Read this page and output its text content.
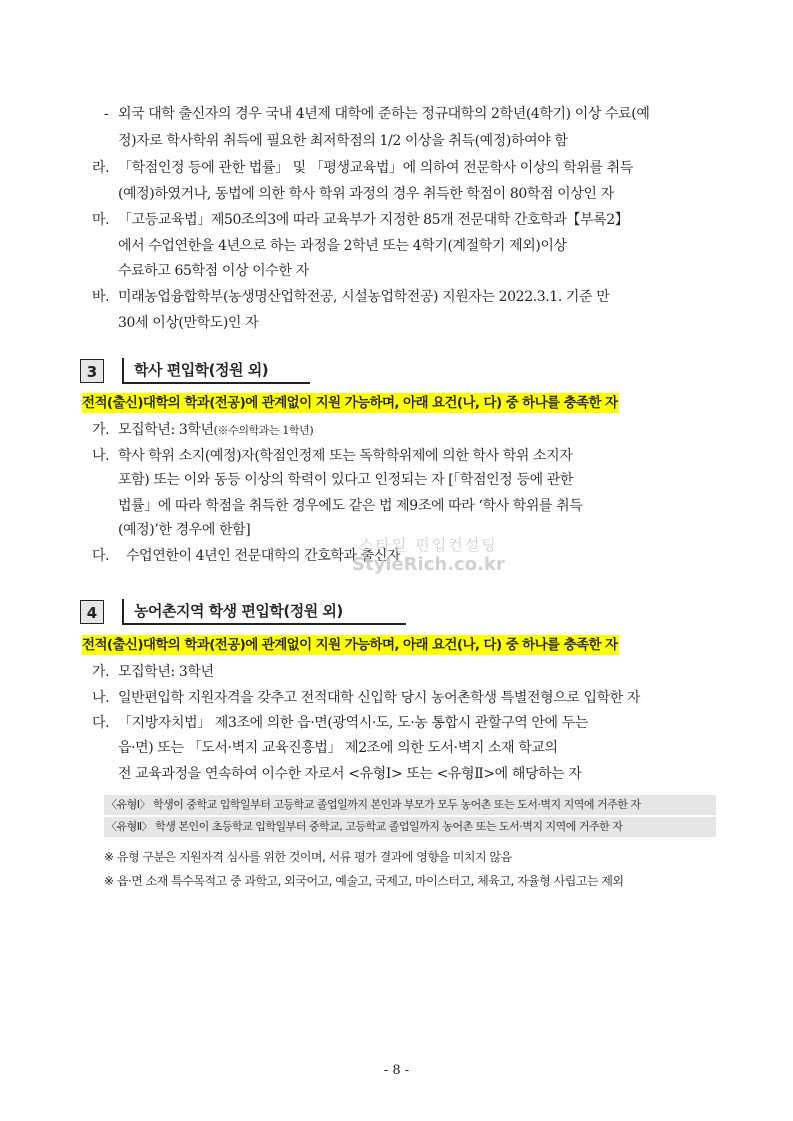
- 외국 대학 출신자의 경우 국내 4년제 대학에 준하는 정규대학의 2학년(4학기) 이상 수료(예
정)자로 학사학위 취득에 필요한 최저학점의 1/2 이상을 취득(예정)하여야 함
라. 「학점인정 등에 관한 법률」 및 「평생교육법」에 의하여 전문학사 이상의 학위를 취득
(예정)하였거나, 동법에 의한 학사 학위 과정의 경우 취득한 학점이 80학점 이상인 자
마. 「고등교육법」제50조의3에 따라 교육부가 지정한 85개 전문대학 간호학과【부록2】
에서 수업연한을 4년으로 하는 과정을 2학년 또는 4학기(계절학기 제외)이상
수료하고 65학점 이상 이수한 자
바. 미래농업융합학부(농생명산업학전공, 시설농업학전공) 지원자는 2022.3.1. 기준 만
30세 이상(만학도)인 자
3	학사 편입학(정원 외)
전적(출신)대학의 학과(전공)에 관계없이 지원 가능하며, 아래 요건(나, 다) 중 하나를 충족한 자
가. 모집학년: 3학년(※수의학과는 1학년)
나. 학사 학위 소지(예정)자(학점인정제 또는 독학학위제에 의한 학사 학위 소지자
포함) 또는 이와 동등 이상의 학력이 있다고 인정되는 자 [「학점인정 등에 관한
법률」에 따라 학점을 취득한 경우에도 같은 법 제9조에 따라 ‘학사 학위를 취득
(예정)’한 경우에 한함]
다. 수업연한이 4년인 전문대학의 간호학과 출신자
스타일 편입컨설팅
StyleRich.co.kr
4	농어촌지역 학생 편입학(정원 외)
전적(출신)대학의 학과(전공)에 관계없이 지원 가능하며, 아래 요건(나, 다) 중 하나를 충족한 자
가. 모집학년: 3학년
나. 일반편입학 지원자격을 갖추고 전적대학 신입학 당시 농어촌학생 특별전형으로 입학한 자
다. 「지방자치법」 제3조에 의한 읍·면(광역시·도, 도·농 통합시 관할구역 안에 두는
읍·면) 또는 「도서·벽지 교육진흥법」 제2조에 의한 도서·벽지 소재 학교의
전 교육과정을 연속하여 이수한 자로서 <유형Ⅰ> 또는 <유형Ⅱ>에 해당하는 자
〈유형Ⅰ〉 학생이 중학교 입학일부터 고등학교 졸업일까지 본인과 부모가 모두 농어촌 또는 도서·벽지 지역에 거주한 자
〈유형Ⅱ〉 학생 본인이 초등학교 입학일부터 중학교, 고등학교 졸업일까지 농어촌 또는 도서·벽지 지역에 거주한 자
※ 유형 구분은 지원자격 심사를 위한 것이며, 서류 평가 결과에 영향을 미치지 않음
※ 읍·면 소재 특수목적고 중 과학고, 외국어고, 예술고, 국제고, 마이스터고, 체육고, 자율형 사립고는 제외
- 8 -
